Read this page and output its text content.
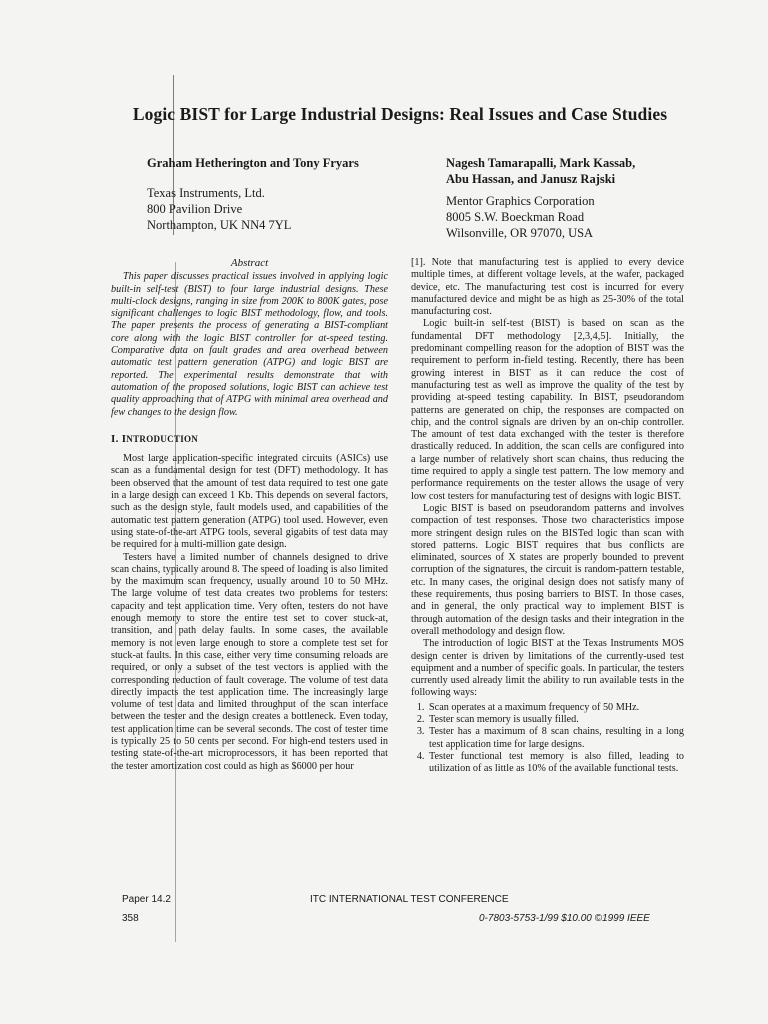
Logic BIST for Large Industrial Designs: Real Issues and Case Studies
Graham Hetherington and Tony Fryars
Texas Instruments, Ltd.
800 Pavilion Drive
Northampton, UK NN4 7YL
Nagesh Tamarapalli, Mark Kassab,
Abu Hassan, and Janusz Rajski
Mentor Graphics Corporation
8005 S.W. Boeckman Road
Wilsonville, OR 97070, USA
Abstract

This paper discusses practical issues involved in applying logic built-in self-test (BIST) to four large industrial designs. These multi-clock designs, ranging in size from 200K to 800K gates, pose significant challenges to logic BIST methodology, flow, and tools. The paper presents the process of generating a BIST-compliant core along with the logic BIST controller for at-speed testing. Comparative data on fault grades and area overhead between automatic test pattern generation (ATPG) and logic BIST are reported. The experimental results demonstrate that with automation of the proposed solutions, logic BIST can achieve test quality approaching that of ATPG with minimal area overhead and few changes to the design flow.

I. INTRODUCTION

Most large application-specific integrated circuits (ASICs) use scan as a fundamental design for test (DFT) methodology. It has been observed that the amount of test data required to test one gate in a large design can exceed 1 Kb. This depends on several factors, such as the design style, fault models used, and capabilities of the automatic test pattern generation (ATPG) tool used. However, even using state-of-the-art ATPG tools, several gigabits of test data may be required for a multi-million gate design.

Testers have a limited number of channels designed to drive scan chains, typically around 8. The speed of loading is also limited by the maximum scan frequency, usually around 10 to 50 MHz. The large volume of test data creates two problems for testers: capacity and test application time. Very often, testers do not have enough memory to store the entire test set to cover stuck-at, transition, and path delay faults. In some cases, the available memory is not even large enough to store a complete test set for stuck-at faults. In this case, either very time consuming reloads are required, or only a subset of the test vectors is applied with the corresponding reduction of fault coverage. The volume of test data directly impacts the test application time. The increasingly large volume of test data and limited throughput of the scan interface between the tester and the design creates a bottleneck. Even today, test application time can be several seconds. The cost of tester time is typically 25 to 50 cents per second. For high-end testers used in testing state-of-the-art microprocessors, it has been reported that the tester amortization cost could as high as $6000 per hour

[1]. Note that manufacturing test is applied to every device multiple times, at different voltage levels, at the wafer, packaged device, etc. The manufacturing test cost is incurred for every manufactured device and might be as high as 25-30% of the total manufacturing cost.

Logic built-in self-test (BIST) is based on scan as the fundamental DFT methodology [2,3,4,5]. Initially, the predominant compelling reason for the adoption of BIST was the requirement to perform in-field testing. Recently, there has been growing interest in BIST as it can reduce the cost of manufacturing test as well as improve the quality of the test by providing at-speed testing capability. In BIST, pseudorandom patterns are generated on chip, the responses are compacted on chip, and the control signals are driven by an on-chip controller. The amount of test data exchanged with the tester is therefore drastically reduced. In addition, the scan cells are configured into a large number of relatively short scan chains, thus reducing the time required to apply a single test pattern. The low memory and performance requirements on the tester allows the usage of very low cost testers for manufacturing test of designs with logic BIST.

Logic BIST is based on pseudorandom patterns and involves compaction of test responses. Those two characteristics impose more stringent design rules on the BISTed logic than scan with stored patterns. Logic BIST requires that bus conflicts are eliminated, sources of X states are properly bounded to prevent corruption of the signatures, the circuit is random-pattern testable, etc. In many cases, the original design does not satisfy many of these requirements, thus posing barriers to BIST. In those cases, and in general, the only practical way to implement BIST is through automation of the design tasks and their integration in the overall methodology and design flow.

The introduction of logic BIST at the Texas Instruments MOS design center is driven by limitations of the currently-used test equipment and a number of specific goals. In particular, the testers currently used already limit the ability to run available tests in the following ways:

1. Scan operates at a maximum frequency of 50 MHz.
2. Tester scan memory is usually filled.
3. Tester has a maximum of 8 scan chains, resulting in a long test application time for large designs.
4. Tester functional test memory is also filled, leading to utilization of as little as 10% of the available functional tests.
Paper 14.2
358
ITC INTERNATIONAL TEST CONFERENCE
0-7803-5753-1/99 $10.00 ©1999 IEEE
